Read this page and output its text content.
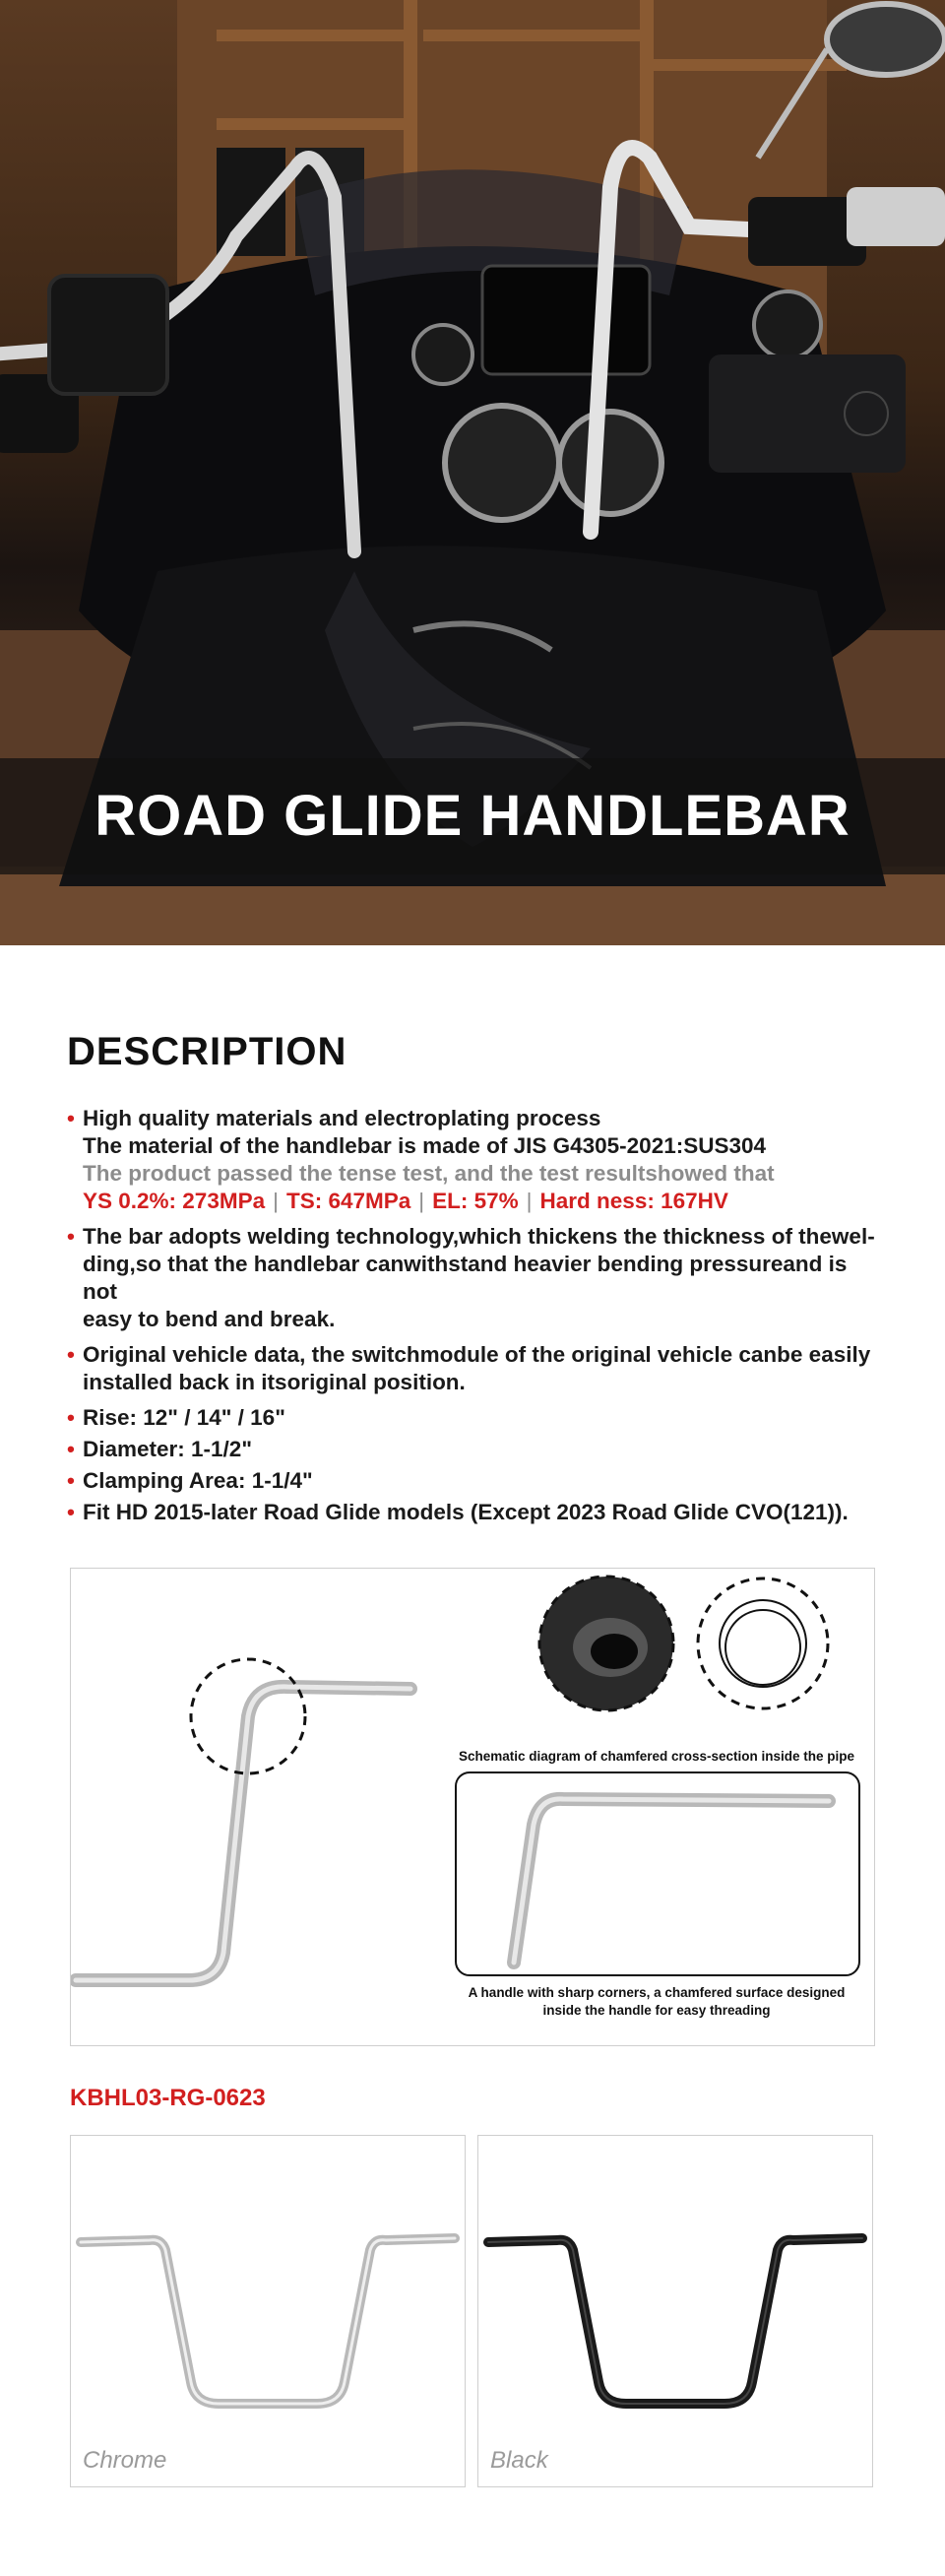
ROAD GLIDE HANDLEBAR
DESCRIPTION
• High quality materials and electroplating process
The material of the handlebar is made of JIS G4305-2021:SUS304
The product passed the tense test, and the test resultshowed that
YS 0.2%: 273MPa | TS: 647MPa | EL: 57% | Hard ness: 167HV
• The bar adopts welding technology,which thickens the thickness of thewel-
ding,so that the handlebar canwithstand heavier bending pressureand is not
easy to bend and break.
• Original vehicle data, the switchmodule of the original vehicle canbe easily
installed back in itsoriginal position.
• Rise: 12" / 14" / 16"
• Diameter: 1-1/2"
• Clamping Area: 1-1/4"
• Fit HD 2015-later Road Glide models (Except 2023 Road Glide CVO(121)).
Schematic diagram of chamfered cross-section inside the pipe
A handle with sharp corners, a chamfered surface designed
inside the handle for easy threading
KBHL03-RG-0623
Chrome	Black
